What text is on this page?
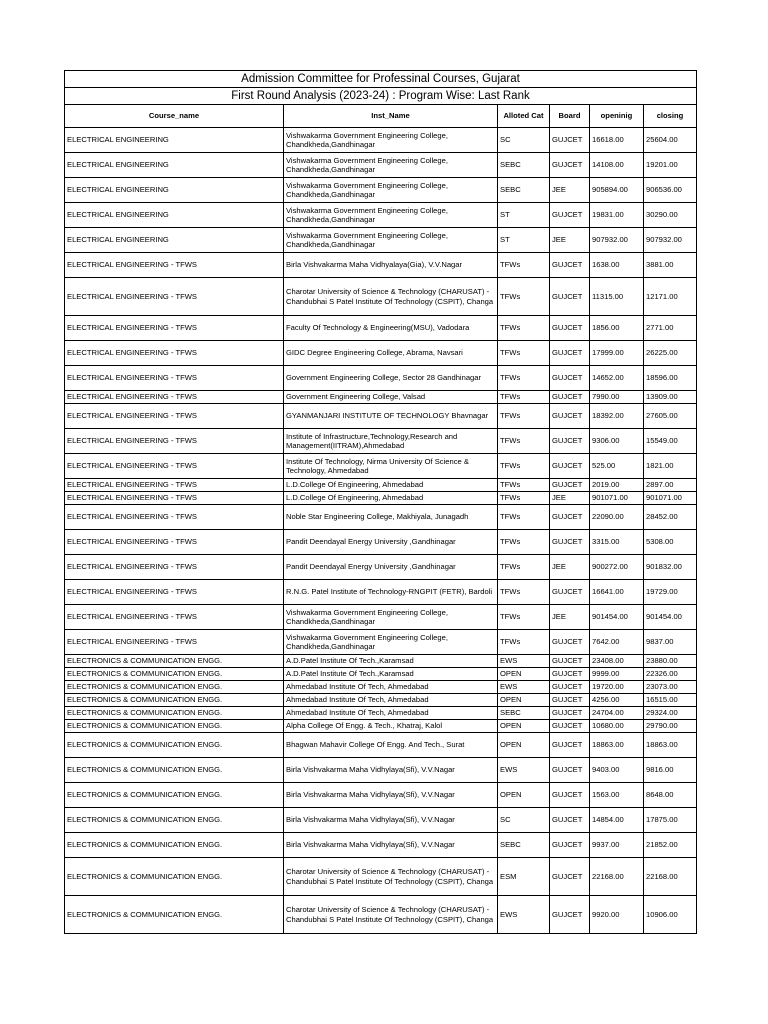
Admission Committee for Professinal Courses, Gujarat					
First Round Analysis (2023-24) : Program Wise: Last Rank					
Course_name	Inst_Name	Alloted Cat	Board	openinig	closing
ELECTRICAL ENGINEERING	Vishwakarma Government Engineering College, Chandkheda,Gandhinagar	SC	GUJCET	16618.00	25604.00
ELECTRICAL ENGINEERING	Vishwakarma Government Engineering College, Chandkheda,Gandhinagar	SEBC	GUJCET	14108.00	19201.00
ELECTRICAL ENGINEERING	Vishwakarma Government Engineering College, Chandkheda,Gandhinagar	SEBC	JEE	905894.00	906536.00
ELECTRICAL ENGINEERING	Vishwakarma Government Engineering College, Chandkheda,Gandhinagar	ST	GUJCET	19831.00	30290.00
ELECTRICAL ENGINEERING	Vishwakarma Government Engineering College, Chandkheda,Gandhinagar	ST	JEE	907932.00	907932.00
ELECTRICAL ENGINEERING - TFWS	Birla Vishvakarma Maha Vidhyalaya(Gia), V.V.Nagar	TFWs	GUJCET	1638.00	3881.00
ELECTRICAL ENGINEERING - TFWS	Charotar University of Science & Technology (CHARUSAT) - Chandubhai S Patel Institute Of Technology (CSPIT), Changa	TFWs	GUJCET	11315.00	12171.00
ELECTRICAL ENGINEERING - TFWS	Faculty Of Technology & Engineering(MSU), Vadodara	TFWs	GUJCET	1856.00	2771.00
ELECTRICAL ENGINEERING - TFWS	GIDC Degree Engineering College, Abrama, Navsari	TFWs	GUJCET	17999.00	26225.00
ELECTRICAL ENGINEERING - TFWS	Government Engineering College, Sector 28 Gandhinagar	TFWs	GUJCET	14652.00	18596.00
ELECTRICAL ENGINEERING - TFWS	Government Engineering College, Valsad	TFWs	GUJCET	7990.00	13909.00
ELECTRICAL ENGINEERING - TFWS	GYANMANJARI INSTITUTE OF TECHNOLOGY Bhavnagar	TFWs	GUJCET	18392.00	27605.00
ELECTRICAL ENGINEERING - TFWS	Institute of Infrastructure,Technology,Research and Management(IITRAM),Ahmedabad	TFWs	GUJCET	9306.00	15549.00
ELECTRICAL ENGINEERING - TFWS	Institute Of Technology, Nirma University Of Science & Technology, Ahmedabad	TFWs	GUJCET	525.00	1821.00
ELECTRICAL ENGINEERING - TFWS	L.D.College Of Engineering, Ahmedabad	TFWs	GUJCET	2019.00	2897.00
ELECTRICAL ENGINEERING - TFWS	L.D.College Of Engineering, Ahmedabad	TFWs	JEE	901071.00	901071.00
ELECTRICAL ENGINEERING - TFWS	Noble Star Engineering College, Makhiyala, Junagadh	TFWs	GUJCET	22090.00	28452.00
ELECTRICAL ENGINEERING - TFWS	Pandit Deendayal Energy University ,Gandhinagar	TFWs	GUJCET	3315.00	5308.00
ELECTRICAL ENGINEERING - TFWS	Pandit Deendayal Energy University ,Gandhinagar	TFWs	JEE	900272.00	901832.00
ELECTRICAL ENGINEERING - TFWS	R.N.G. Patel Institute of Technology-RNGPIT (FETR), Bardoli	TFWs	GUJCET	16641.00	19729.00
ELECTRICAL ENGINEERING - TFWS	Vishwakarma Government Engineering College, Chandkheda,Gandhinagar	TFWs	JEE	901454.00	901454.00
ELECTRICAL ENGINEERING - TFWS	Vishwakarma Government Engineering College, Chandkheda,Gandhinagar	TFWs	GUJCET	7642.00	9837.00
ELECTRONICS & COMMUNICATION ENGG.	A.D.Patel Institute Of Tech.,Karamsad	EWS	GUJCET	23408.00	23880.00
ELECTRONICS & COMMUNICATION ENGG.	A.D.Patel Institute Of Tech.,Karamsad	OPEN	GUJCET	9999.00	22326.00
ELECTRONICS & COMMUNICATION ENGG.	Ahmedabad Institute Of Tech, Ahmedabad	EWS	GUJCET	19720.00	23073.00
ELECTRONICS & COMMUNICATION ENGG.	Ahmedabad Institute Of Tech, Ahmedabad	OPEN	GUJCET	4256.00	16515.00
ELECTRONICS & COMMUNICATION ENGG.	Ahmedabad Institute Of Tech, Ahmedabad	SEBC	GUJCET	24704.00	29324.00
ELECTRONICS & COMMUNICATION ENGG.	Alpha College Of Engg. & Tech., Khatraj, Kalol	OPEN	GUJCET	10680.00	29790.00
ELECTRONICS & COMMUNICATION ENGG.	Bhagwan Mahavir College Of Engg. And Tech., Surat	OPEN	GUJCET	18863.00	18863.00
ELECTRONICS & COMMUNICATION ENGG.	Birla Vishvakarma Maha Vidhylaya(Sfi), V.V.Nagar	EWS	GUJCET	9403.00	9816.00
ELECTRONICS & COMMUNICATION ENGG.	Birla Vishvakarma Maha Vidhylaya(Sfi), V.V.Nagar	OPEN	GUJCET	1563.00	8648.00
ELECTRONICS & COMMUNICATION ENGG.	Birla Vishvakarma Maha Vidhylaya(Sfi), V.V.Nagar	SC	GUJCET	14854.00	17875.00
ELECTRONICS & COMMUNICATION ENGG.	Birla Vishvakarma Maha Vidhylaya(Sfi), V.V.Nagar	SEBC	GUJCET	9937.00	21852.00
ELECTRONICS & COMMUNICATION ENGG.	Charotar University of Science & Technology (CHARUSAT) - Chandubhai S Patel Institute Of Technology (CSPIT), Changa	ESM	GUJCET	22168.00	22168.00
ELECTRONICS & COMMUNICATION ENGG.	Charotar University of Science & Technology (CHARUSAT) - Chandubhai S Patel Institute Of Technology (CSPIT), Changa	EWS	GUJCET	9920.00	10906.00
